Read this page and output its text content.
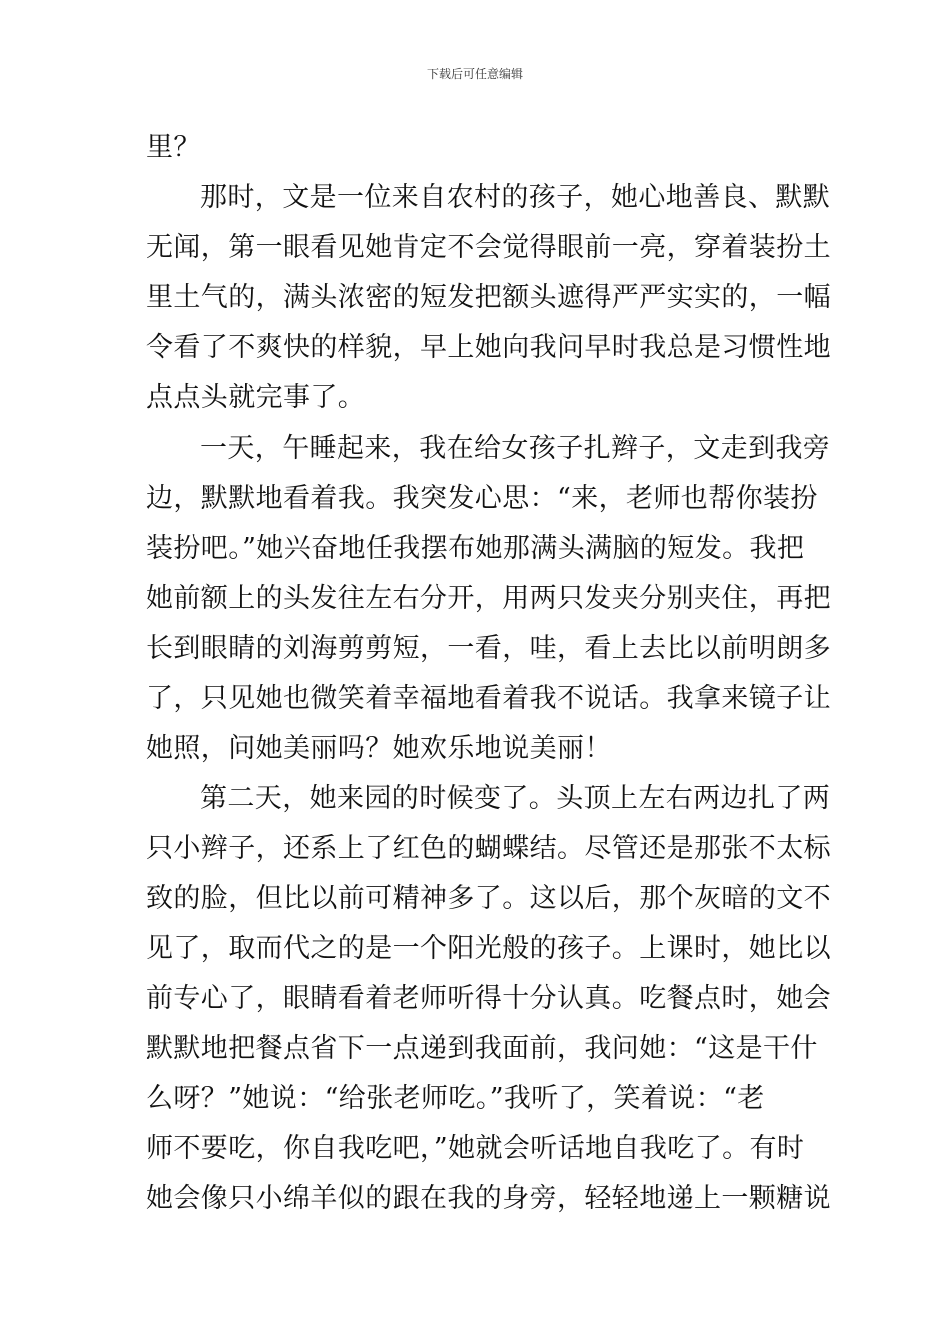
下载后可任意编辑
里？
那时，文是一位来自农村的孩子，她心地善良、默默
无闻，第一眼看见她肯定不会觉得眼前一亮，穿着装扮土
里土气的，满头浓密的短发把额头遮得严严实实的，一幅
令看了不爽快的样貌，早上她向我问早时我总是习惯性地
点点头就完事了。
一天，午睡起来，我在给女孩子扎辫子，文走到我旁
边，默默地看着我。我突发心思：“来，老师也帮你装扮
装扮吧。”她兴奋地任我摆布她那满头满脑的短发。我把
她前额上的头发往左右分开，用两只发夹分别夹住，再把
长到眼睛的刘海剪剪短，一看，哇，看上去比以前明朗多
了，只见她也微笑着幸福地看着我不说话。我拿来镜子让
她照，问她美丽吗？她欢乐地说美丽！
第二天，她来园的时候变了。头顶上左右两边扎了两
只小辫子，还系上了红色的蝴蝶结。尽管还是那张不太标
致的脸，但比以前可精神多了。这以后，那个灰暗的文不
见了，取而代之的是一个阳光般的孩子。上课时，她比以
前专心了，眼睛看着老师听得十分认真。吃餐点时，她会
默默地把餐点省下一点递到我面前，我问她：“这是干什
么呀？”她说：“给张老师吃。”我听了，笑着说：“老
师不要吃，你自我吃吧，”她就会听话地自我吃了。有时
她会像只小绵羊似的跟在我的身旁，轻轻地递上一颗糖说
